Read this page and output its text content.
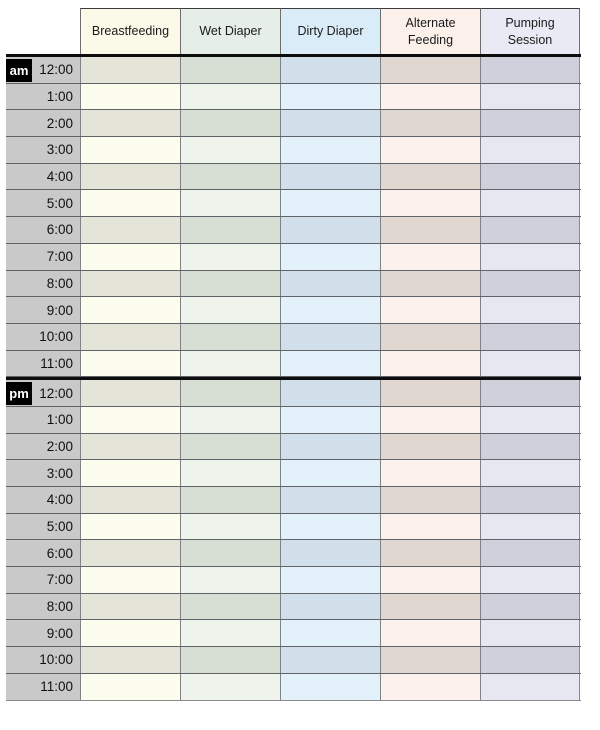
Breastfeeding Wet Diaper	Dirty Diaper
Alternate Feeding
Pumping Session
am 12:00
1:00
2:00
3:00
4:00
5:00
6:00
7:00
8:00
9:00
10:00
11:00
pm 12:00
1:00
2:00
3:00
4:00
5:00
6:00
7:00
8:00
9:00
10:00
11:00
